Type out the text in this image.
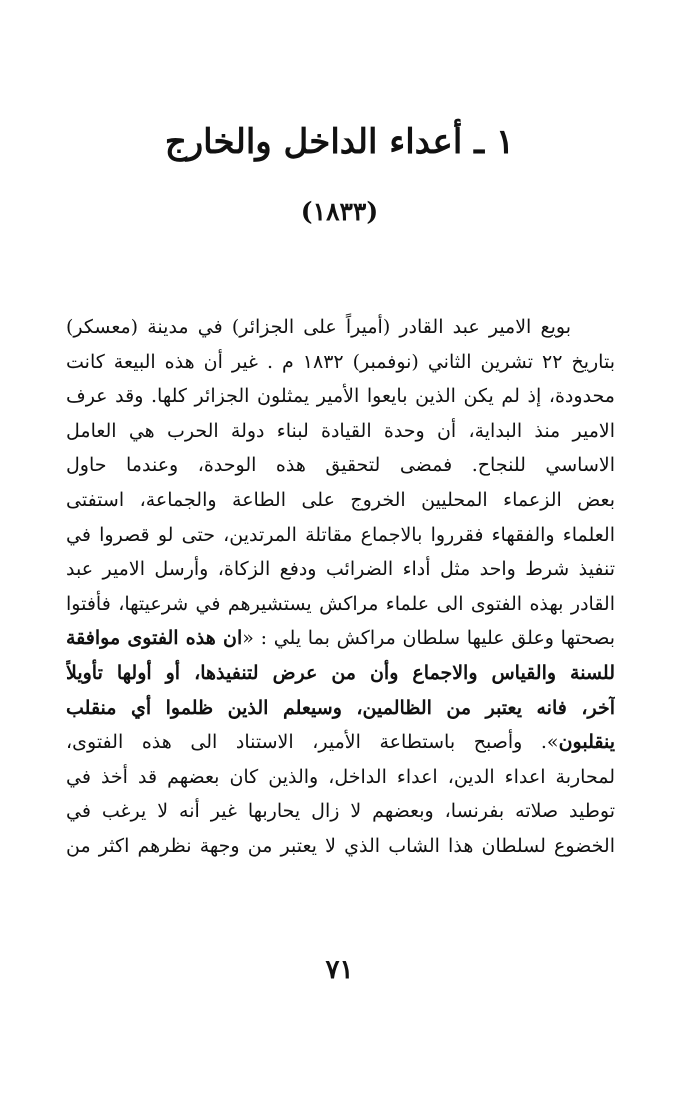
١ ـ أعداء الداخل والخارج
(١٨٣٣)
بويع الامير عبد القادر (أميراً على الجزائر) في مدينة (معسكر)
بتاريخ ٢٢ تشرين الثاني (نوفمبر) ١٨٣٢ م . غير أن هذه البيعة كانت
محدودة، إذ لم يكن الذين بايعوا الأمير يمثلون الجزائر كلها. وقد عرف
الامير منذ البداية، أن وحدة القيادة لبناء دولة الحرب هي العامل
الاساسي للنجاح. فمضى لتحقيق هذه الوحدة، وعندما حاول
بعض الزعماء المحليين الخروج على الطاعة والجماعة، استفتى
العلماء والفقهاء فقرروا بالاجماع مقاتلة المرتدين، حتى لو قصروا في
تنفيذ شرط واحد مثل أداء الضرائب ودفع الزكاة، وأرسل الامير عبد
القادر بهذه الفتوى الى علماء مراكش يستشيرهم في شرعيتها، فأفتوا
بصحتها وعلق عليها سلطان مراكش بما يلي : «ان هذه الفتوى موافقة
للسنة والقياس والاجماع وأن من عرض لتنفيذها، أو أولها تأويلاً
آخر، فانه يعتبر من الظالمين، وسيعلم الذين ظلموا أي منقلب
ينقلبون». وأصبح باستطاعة الأمير، الاستناد الى هذه الفتوى،
لمحاربة اعداء الدين، اعداء الداخل، والذين كان بعضهم قد أخذ في
توطيد صلاته بفرنسا، وبعضهم لا زال يحاربها غير أنه لا يرغب في
الخضوع لسلطان هذا الشاب الذي لا يعتبر من وجهة نظرهم اكثر من
٧١
